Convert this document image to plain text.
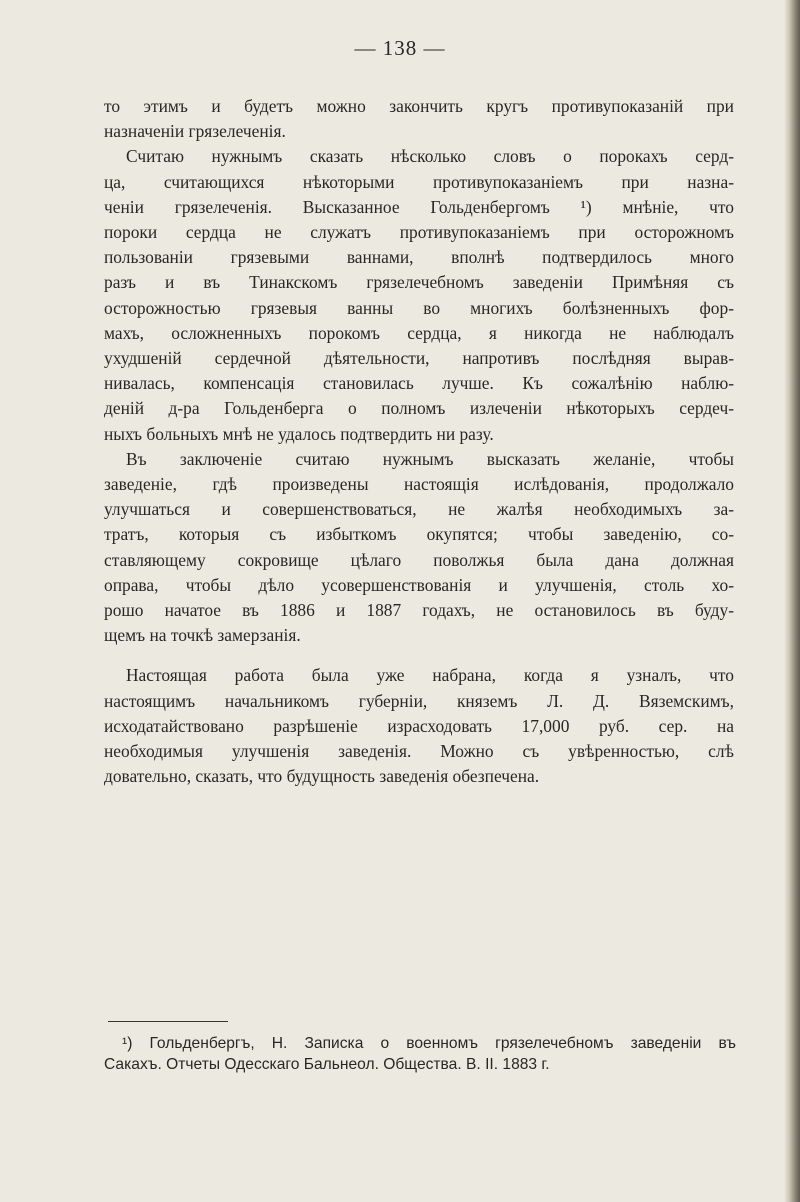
— 138 —
то этимъ и будетъ можно закончить кругъ противупоказаній при
назначеніи грязелеченія.
Считаю нужнымъ сказать нѣсколько словъ о порокахъ серд-
ца, считающихся нѣкоторыми противупоказаніемъ при назна-
ченіи грязелеченія. Высказанное Гольденбергомъ ¹) мнѣніе, что
пороки сердца не служатъ противупоказаніемъ при осторожномъ
пользованіи грязевыми ваннами, вполнѣ подтвердилось много
разъ и въ Тинакскомъ грязелечебномъ заведеніи Примѣняя съ
осторожностью грязевыя ванны во многихъ болѣзненныхъ фор-
махъ, осложненныхъ порокомъ сердца, я никогда не наблюдалъ
ухудшеній сердечной дѣятельности, напротивъ послѣдняя вырав-
нивалась, компенсація становилась лучше. Къ сожалѣнію наблю-
деній д-ра Гольденберга о полномъ излеченіи нѣкоторыхъ сердеч-
ныхъ больныхъ мнѣ не удалось подтвердить ни разу.
Въ заключеніе считаю нужнымъ высказать желаніе, чтобы
заведеніе, гдѣ произведены настоящія ислѣдованія, продолжало
улучшаться и совершенствоваться, не жалѣя необходимыхъ за-
тратъ, которыя съ избыткомъ окупятся; чтобы заведенію, со-
ставляющему сокровище цѣлаго поволжья была дана должная
оправа, чтобы дѣло усовершенствованія и улучшенія, столь хо-
рошо начатое въ 1886 и 1887 годахъ, не остановилось въ буду-
щемъ на точкѣ замерзанія.
Настоящая работа была уже набрана, когда я узналъ, что
настоящимъ начальникомъ губерніи, княземъ Л. Д. Вяземскимъ,
исходатайствовано разрѣшеніе израсходовать 17,000 руб. сер. на
необходимыя улучшенія заведенія. Можно съ увѣренностью, слѣ
довательно, сказать, что будущность заведенія обезпечена.
¹) Гольденбергъ, Н. Записка о военномъ грязелечебномъ заведеніи въ
Сакахъ. Отчеты Одесскаго Бальнеол. Общества. В. II. 1883 г.
